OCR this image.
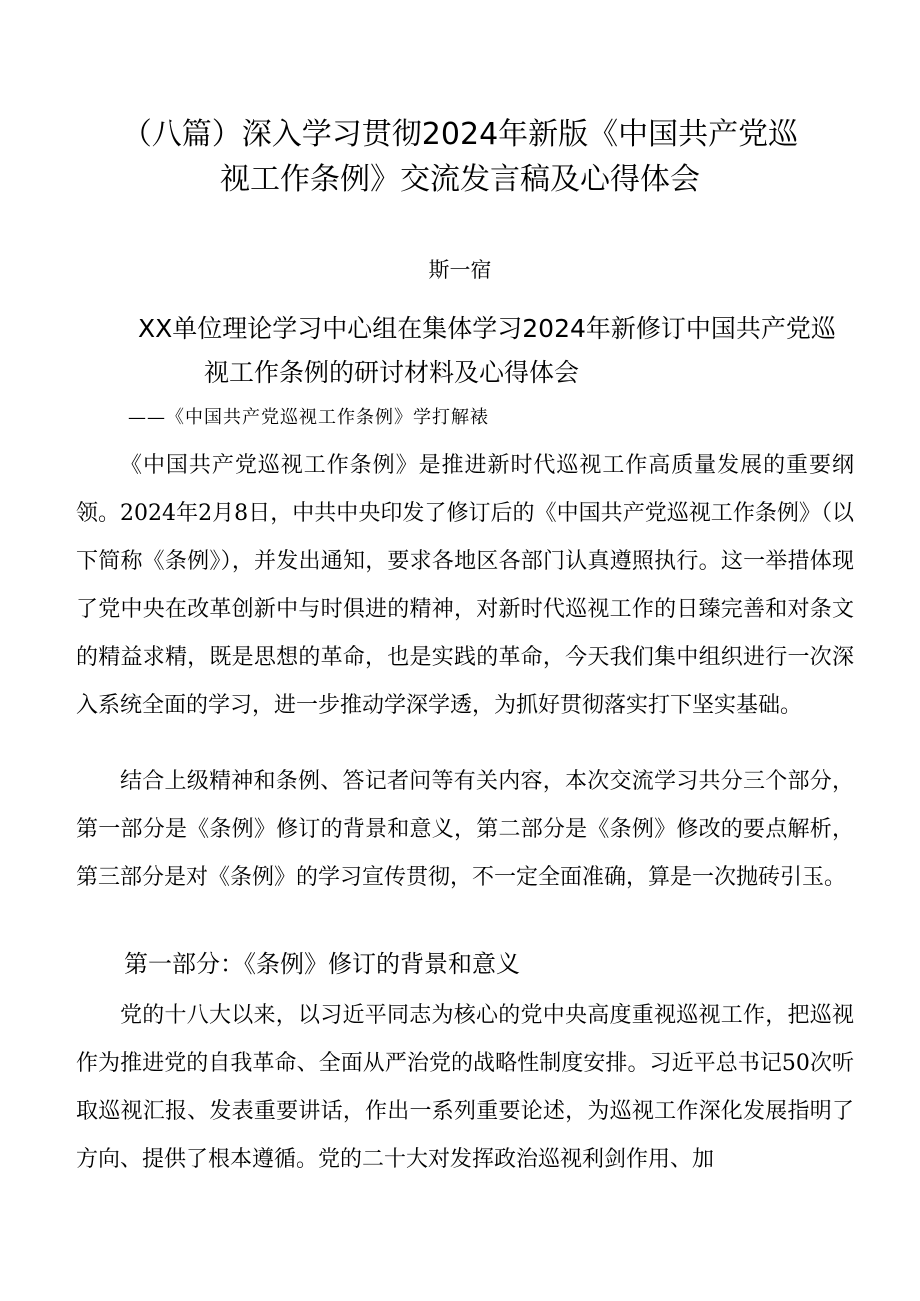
（八篇）深入学习贯彻2024年新版《中国共产党巡
视工作条例》交流发言稿及心得体会
斯一宿
XX单位理论学习中心组在集体学习2024年新修订中国共产党巡
视工作条例的研讨材料及心得体会
——《中国共产党巡视工作条例》学打解裱

《中国共产党巡视工作条例》是推进新时代巡视工作高质量发展的重要纲领。2024年2月8日，中共中央印发了修订后的《中国共产党巡视工作条例》（以下简称《条例》），并发出通知，要求各地区各部门认真遵照执行。这一举措体现了党中央在改革创新中与时俱进的精神，对新时代巡视工作的日臻完善和对条文的精益求精，既是思想的革命，也是实践的革命，今天我们集中组织进行一次深入系统全面的学习，进一步推动学深学透，为抓好贯彻落实打下坚实基础。

结合上级精神和条例、答记者问等有关内容，本次交流学习共分三个部分，第一部分是《条例》修订的背景和意义，第二部分是《条例》修改的要点解析，第三部分是对《条例》的学习宣传贯彻，不一定全面准确，算是一次抛砖引玉。

第一部分：《条例》修订的背景和意义

党的十八大以来，以习近平同志为核心的党中央高度重视巡视工作，把巡视作为推进党的自我革命、全面从严治党的战略性制度安排。习近平总书记50次听取巡视汇报、发表重要讲话，作出一系列重要论述，为巡视工作深化发展指明了方向、提供了根本遵循。党的二十大对发挥政治巡视利剑作用、加
